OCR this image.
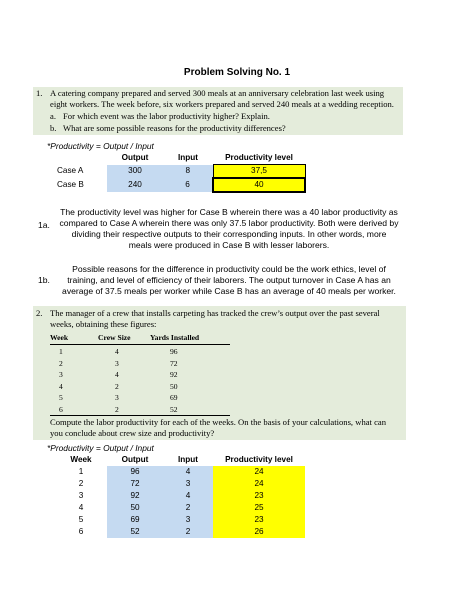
Problem Solving No. 1
1. A catering company prepared and served 300 meals at an anniversary celebration last week using
eight workers. The week before, six workers prepared and served 240 meals at a wedding reception.
a. For which event was the labor productivity higher? Explain.
b. What are some possible reasons for the productivity differences?
*Productivity = Output / Input
	Output	Input	Productivity level
Case A	300	8	37,5
Case B	240	6	40
1a.
The productivity level was higher for Case B wherein there was a 40 labor productivity as
compared to Case A wherein there was only 37.5 labor productivity. Both were derived by
dividing their respective outputs to their corresponding inputs. In other words, more
meals were produced in Case B with lesser laborers.
1b.
Possible reasons for the difference in productivity could be the work ethics, level of
training, and level of efficiency of their laborers. The output turnover in Case A has an
average of 37.5 meals per worker while Case B has an average of 40 meals per worker.
2. The manager of a crew that installs carpeting has tracked the crew’s output over the past several
weeks, obtaining these figures:
Week	Crew Size	Yards Installed

1	4	96
2	3	72
3	4	92
4	2	50
5	3	69
6	2	52

Compute the labor productivity for each of the weeks. On the basis of your calculations, what can
you conclude about crew size and productivity?
*Productivity = Output / Input
Week	Output	Input	Productivity level
1	96	4	24
2	72	3	24
3	92	4	23
4	50	2	25
5	69	3	23
6	52	2	26
